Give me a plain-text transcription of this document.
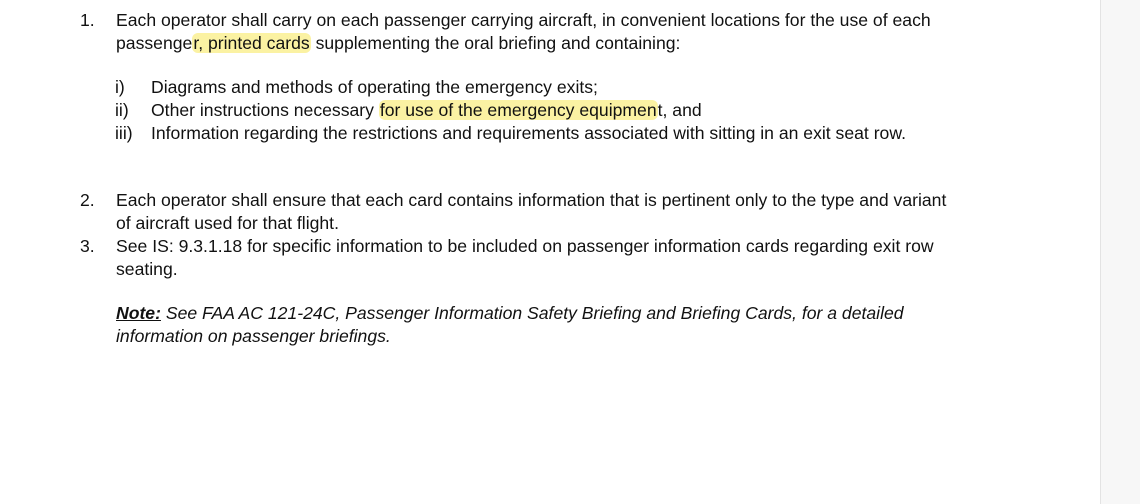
1.	Each operator shall carry on each passenger carrying aircraft, in convenient locations for the use of each passenger, printed cards supplementing the oral briefing and containing:
i)	Diagrams and methods of operating the emergency exits;
ii)	Other instructions necessary for use of the emergency equipment, and
iii)	Information regarding the restrictions and requirements associated with sitting in an exit seat row.
2.	Each operator shall ensure that each card contains information that is pertinent only to the type and variant of aircraft used for that flight.
3.	See IS: 9.3.1.18 for specific information to be included on passenger information cards regarding exit row seating.
Note: See FAA AC 121-24C, Passenger Information Safety Briefing and Briefing Cards, for a detailed information on passenger briefings.
